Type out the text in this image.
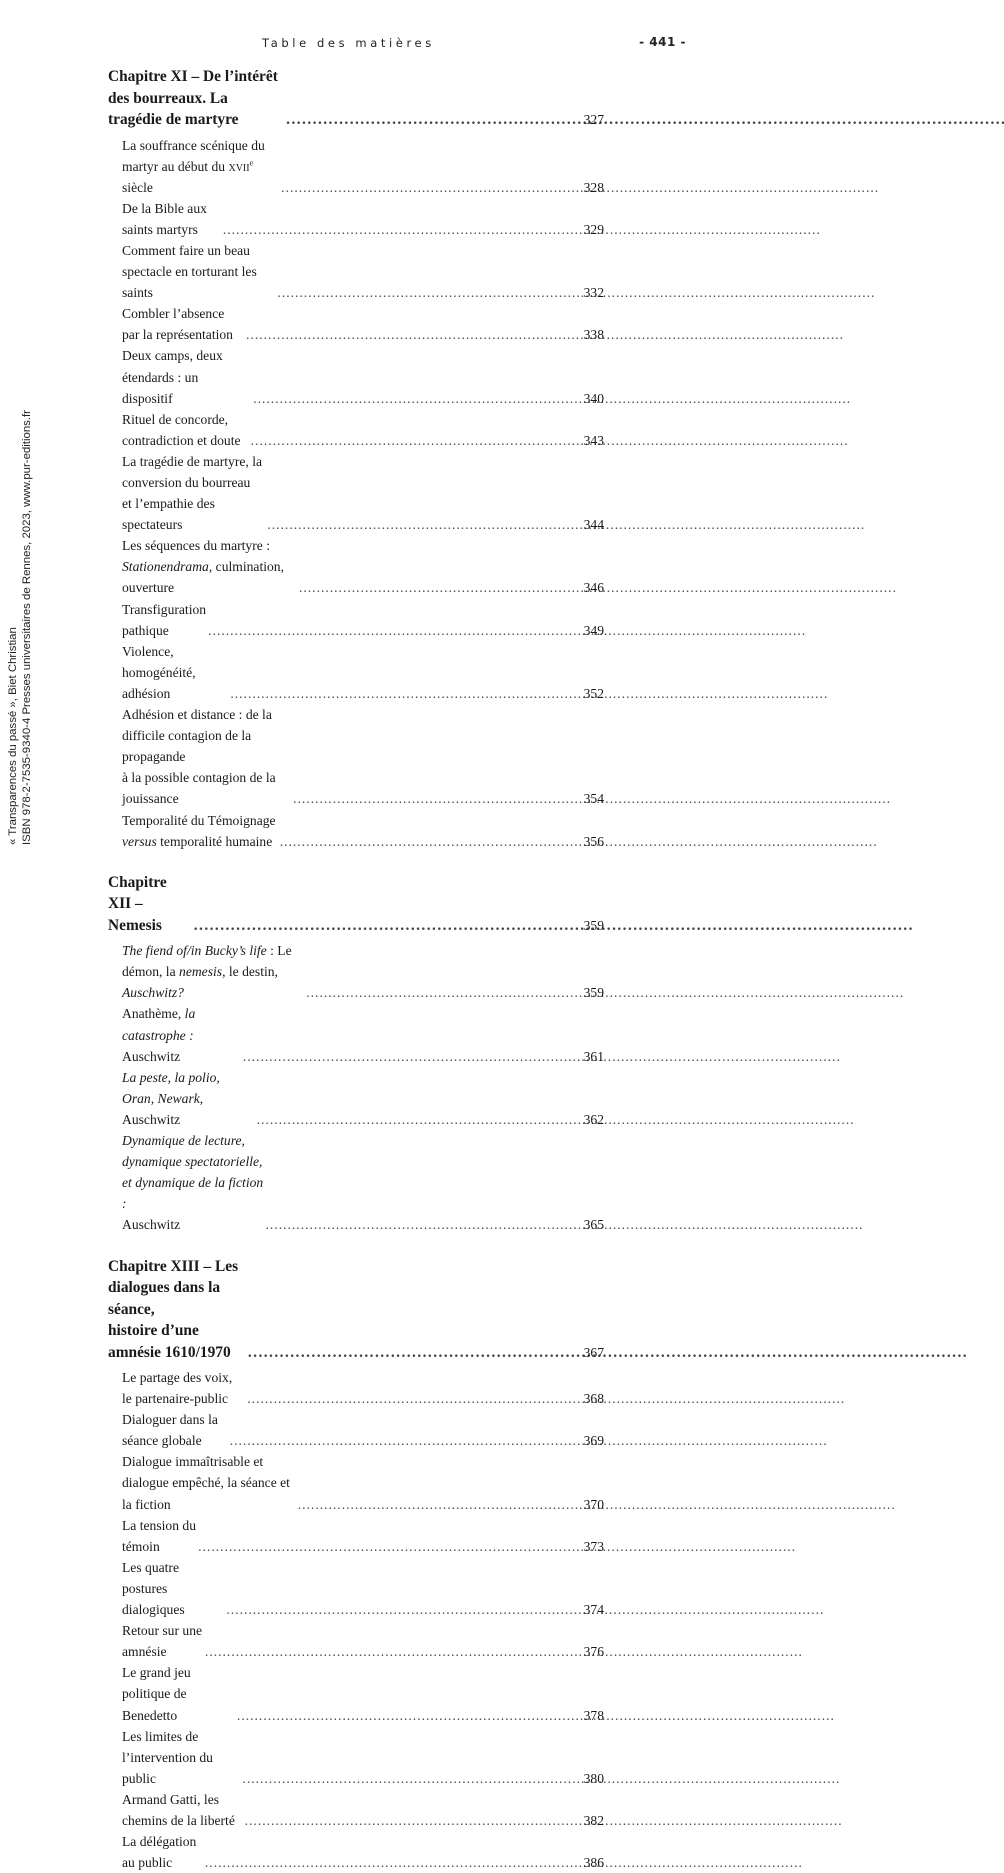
Table des matières	- 441 -
Chapitre XI – De l’intérêt des bourreaux. La tragédie de martyre . . .	327
La souffrance scénique du martyr au début du xvii$^e$ siècle . . .	328
De la Bible aux saints martyrs . . .	329
Comment faire un beau spectacle en torturant les saints . . .	332
Combler l’absence par la représentation . . .	338
Deux camps, deux étendards : un dispositif . . .	340
Rituel de concorde, contradiction et doute . . .	343
La tragédie de martyre, la conversion du bourreau
et l’empathie des spectateurs . . .	344
Les séquences du martyre : Stationendrama, culmination, ouverture . . .	346
Transfiguration pathique . . .	349
Violence, homogénéité, adhésion . . .	352
Adhésion et distance : de la difficile contagion de la propagande
à la possible contagion de la jouissance . . .	354
Temporalité du Témoignage versus temporalité humaine . . .	356
Chapitre XII – Nemesis . . .	359
The fiend of/in Bucky’s life : Le démon, la nemesis, le destin, Auschwitz? . . .	359
Anathème, la catastrophe : Auschwitz . . .	361
La peste, la polio, Oran, Newark, Auschwitz . . .	362
Dynamique de lecture, dynamique spectatorielle,
et dynamique de la fiction :
Auschwitz . . .	365
Chapitre XIII – Les dialogues dans la séance,
histoire d’une amnésie 1610/1970 . . .	367
Le partage des voix, le partenaire-public . . .	368
Dialoguer dans la séance globale . . .	369
Dialogue immaîtrisable et dialogue empêché, la séance et la fiction . . .	370
La tension du témoin . . .	373
Les quatre postures dialogiques . . .	374
Retour sur une amnésie . . .	376
Le grand jeu politique de Benedetto . . .	378
Les limites de l’intervention du public . . .	380
Armand Gatti, les chemins de la liberté . . .	382
La délégation au public . . .	386
« Transparences du passé », Biet Christian ISBN 978-2-7535-9340-4 Presses universitaires de Rennes, 2023, www.pur-editions.fr
